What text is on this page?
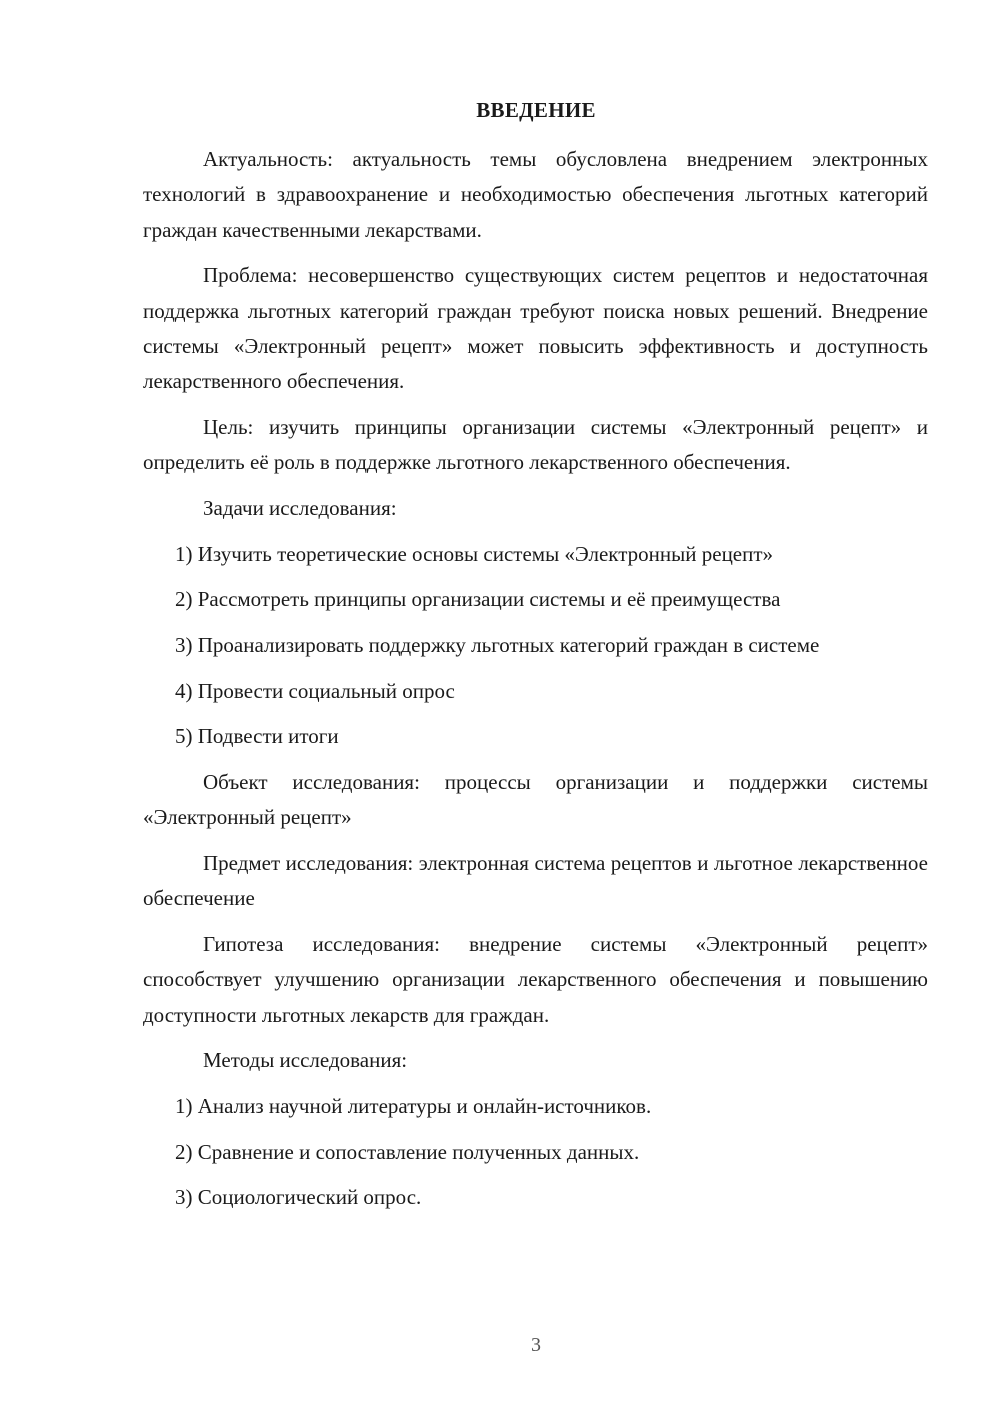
ВВЕДЕНИЕ

Актуальность: актуальность темы обусловлена внедрением электронных технологий в здравоохранение и необходимостью обеспечения льготных категорий граждан качественными лекарствами.

Проблема: несовершенство существующих систем рецептов и недостаточная поддержка льготных категорий граждан требуют поиска новых решений. Внедрение системы «Электронный рецепт» может повысить эффективность и доступность лекарственного обеспечения.

Цель: изучить принципы организации системы «Электронный рецепт» и определить её роль в поддержке льготного лекарственного обеспечения.

Задачи исследования:

1) Изучить теоретические основы системы «Электронный рецепт»

2) Рассмотреть принципы организации системы и её преимущества

3) Проанализировать поддержку льготных категорий граждан в системе

4) Провести социальный опрос

5) Подвести итоги

Объект исследования: процессы организации и поддержки системы «Электронный рецепт»

Предмет исследования: электронная система рецептов и льготное лекарственное обеспечение

Гипотеза исследования: внедрение системы «Электронный рецепт» способствует улучшению организации лекарственного обеспечения и повышению доступности льготных лекарств для граждан.

Методы исследования:

1) Анализ научной литературы и онлайн-источников.

2) Сравнение и сопоставление полученных данных.

3) Социологический опрос.

3
